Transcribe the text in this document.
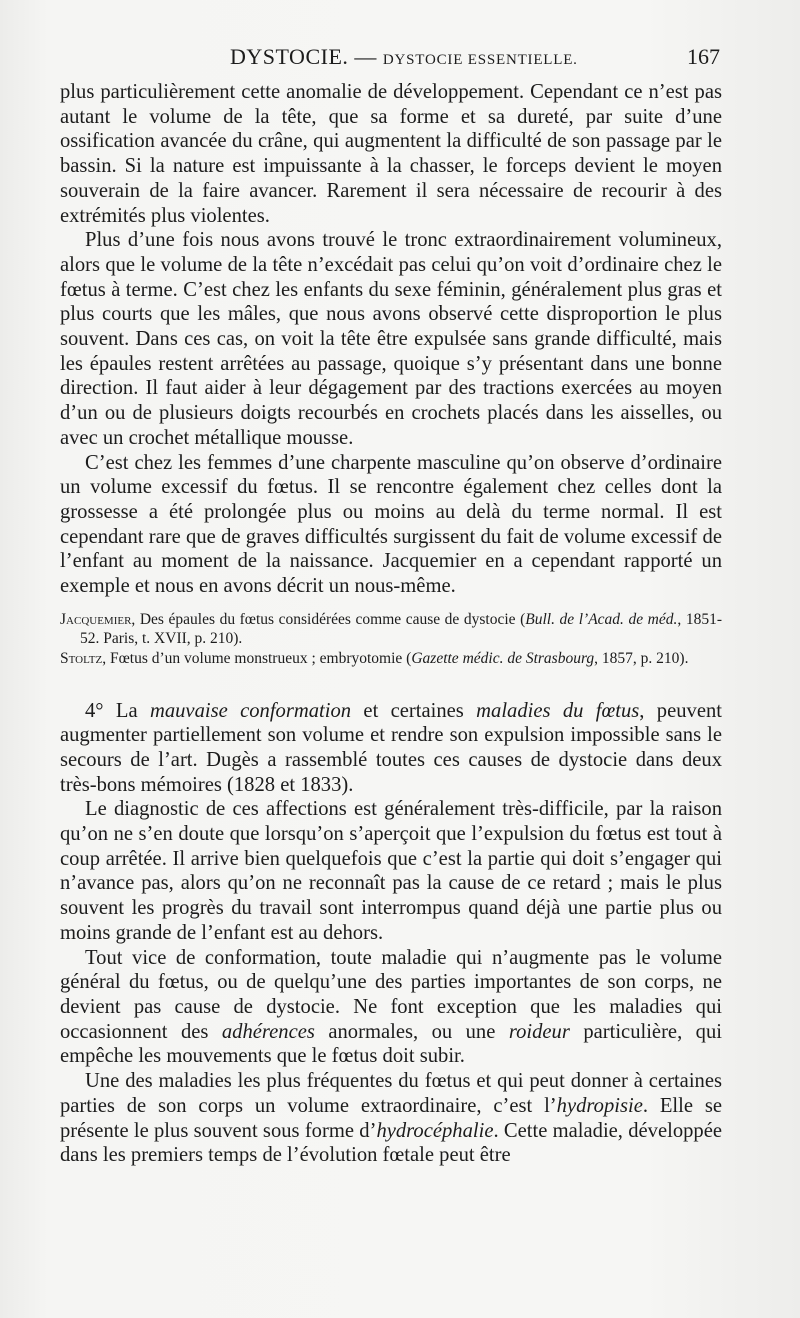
DYSTOCIE. — DYSTOCIE ESSENTIELLE.	167

plus particulièrement cette anomalie de développement. Cependant ce n’est pas autant le volume de la tête, que sa forme et sa dureté, par suite d’une ossification avancée du crâne, qui augmentent la difficulté de son passage par le bassin. Si la nature est impuissante à la chasser, le forceps devient le moyen souverain de la faire avancer. Rarement il sera nécessaire de recourir à des extrémités plus violentes.

Plus d’une fois nous avons trouvé le tronc extraordinairement volumineux, alors que le volume de la tête n’excédait pas celui qu’on voit d’ordinaire chez le fœtus à terme. C’est chez les enfants du sexe féminin, généralement plus gras et plus courts que les mâles, que nous avons observé cette disproportion le plus souvent. Dans ces cas, on voit la tête être expulsée sans grande difficulté, mais les épaules restent arrêtées au passage, quoique s’y présentant dans une bonne direction. Il faut aider à leur dégagement par des tractions exercées au moyen d’un ou de plusieurs doigts recourbés en crochets placés dans les aisselles, ou avec un crochet métallique mousse.

C’est chez les femmes d’une charpente masculine qu’on observe d’ordinaire un volume excessif du fœtus. Il se rencontre également chez celles dont la grossesse a été prolongée plus ou moins au delà du terme normal. Il est cependant rare que de graves difficultés surgissent du fait de volume excessif de l’enfant au moment de la naissance. Jacquemier en a cependant rapporté un exemple et nous en avons décrit un nous-même.

Jacquemier, Des épaules du fœtus considérées comme cause de dystocie (Bull. de l’Acad. de méd., 1851-52. Paris, t. XVII, p. 210).

Stoltz, Fœtus d’un volume monstrueux ; embryotomie (Gazette médic. de Strasbourg, 1857, p. 210).

4° La mauvaise conformation et certaines maladies du fœtus, peuvent augmenter partiellement son volume et rendre son expulsion impossible sans le secours de l’art. Dugès a rassemblé toutes ces causes de dystocie dans deux très-bons mémoires (1828 et 1833).

Le diagnostic de ces affections est généralement très-difficile, par la raison qu’on ne s’en doute que lorsqu’on s’aperçoit que l’expulsion du fœtus est tout à coup arrêtée. Il arrive bien quelquefois que c’est la partie qui doit s’engager qui n’avance pas, alors qu’on ne reconnaît pas la cause de ce retard ; mais le plus souvent les progrès du travail sont interrompus quand déjà une partie plus ou moins grande de l’enfant est au dehors.

Tout vice de conformation, toute maladie qui n’augmente pas le volume général du fœtus, ou de quelqu’une des parties importantes de son corps, ne devient pas cause de dystocie. Ne font exception que les maladies qui occasionnent des adhérences anormales, ou une roideur particulière, qui empêche les mouvements que le fœtus doit subir.

Une des maladies les plus fréquentes du fœtus et qui peut donner à certaines parties de son corps un volume extraordinaire, c’est l’hydropisie. Elle se présente le plus souvent sous forme d’hydrocéphalie. Cette maladie, développée dans les premiers temps de l’évolution fœtale peut être
